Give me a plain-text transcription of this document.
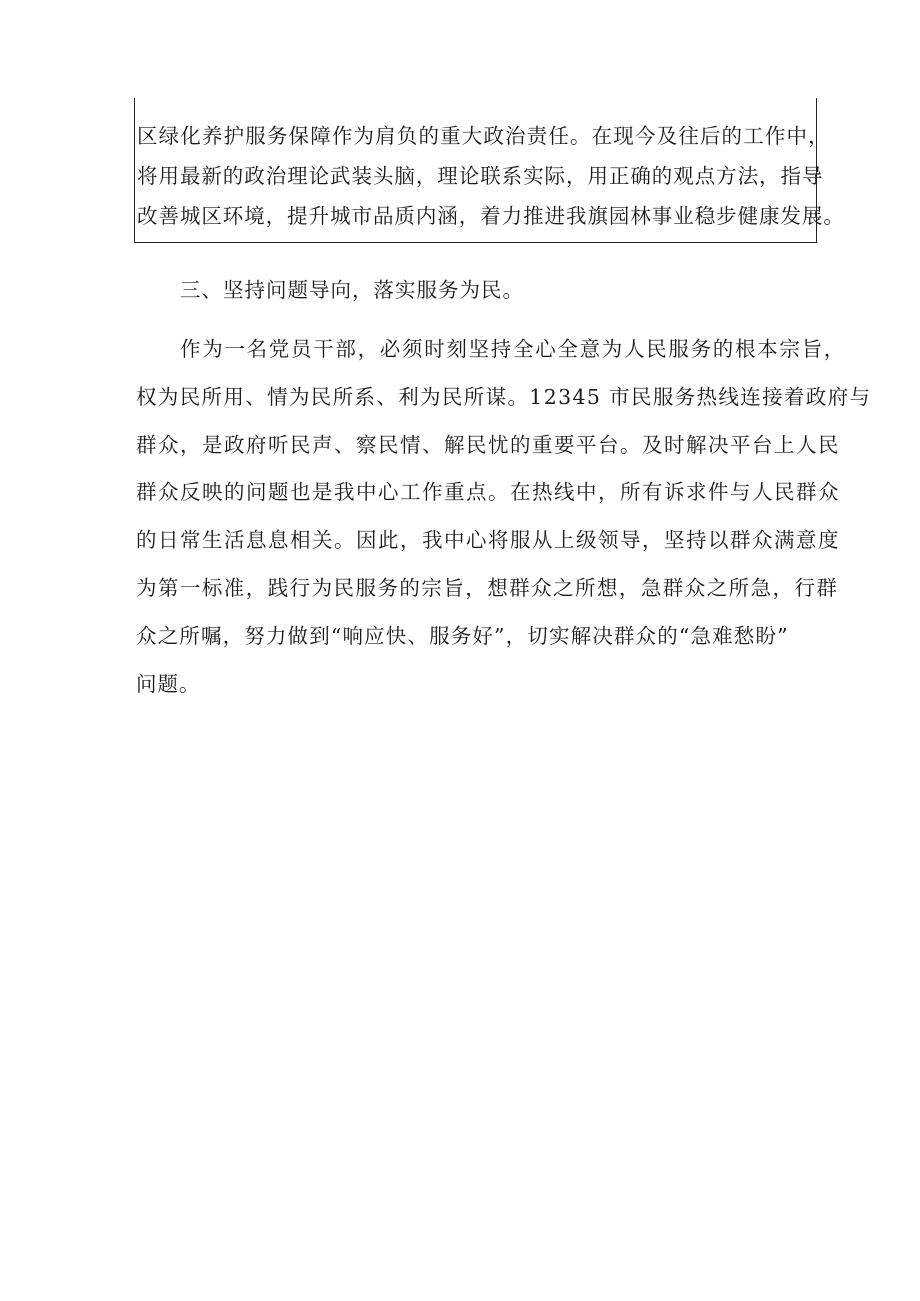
区绿化养护服务保障作为肩负的重大政治责任。在现今及往后的工作中，
将用最新的政治理论武装头脑，理论联系实际，用正确的观点方法，指导
改善城区环境，提升城市品质内涵，着力推进我旗园林事业稳步健康发展。
三、坚持问题导向，落实服务为民。
作为一名党员干部，必须时刻坚持全心全意为人民服务的根本宗旨，
权为民所用、情为民所系、利为民所谋。12345 市民服务热线连接着政府与
群众，是政府听民声、察民情、解民忧的重要平台。及时解决平台上人民
群众反映的问题也是我中心工作重点。在热线中，所有诉求件与人民群众
的日常生活息息相关。因此，我中心将服从上级领导，坚持以群众满意度
为第一标准，践行为民服务的宗旨，想群众之所想，急群众之所急，行群
众之所嘱，努力做到“响应快、服务好”，切实解决群众的“急难愁盼”
问题。
